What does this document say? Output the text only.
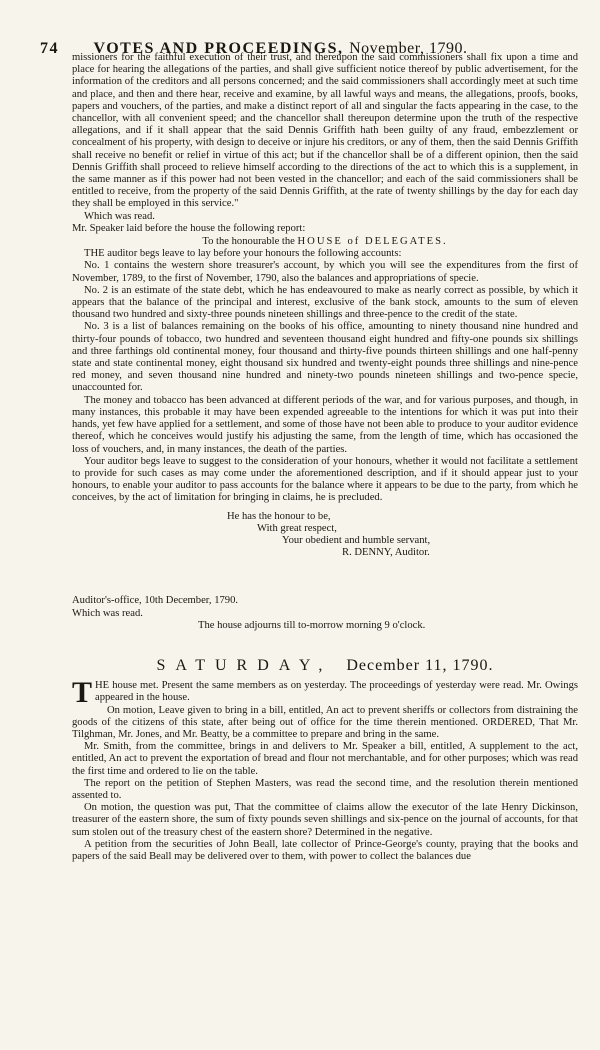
74 VOTES AND PROCEEDINGS, November, 1790.

missioners for the faithful execution of their trust, and thereupon the said commissioners shall fix upon a time and place for hearing the allegations of the parties, and shall give sufficient notice thereof by public advertisement, for the information of the creditors and all persons concerned; and the said commissioners shall accordingly meet at such time and place, and then and there hear, receive and examine, by all lawful ways and means, the allegations, proofs, books, papers and vouchers, of the parties, and make a distinct report of all and singular the facts appearing in the case, to the chancellor, with all convenient speed; and the chancellor shall thereupon determine upon the truth of the respective allegations, and if it shall appear that the said Dennis Griffith hath been guilty of any fraud, embezzlement or concealment of his property, with design to deceive or injure his creditors, or any of them, then the said Dennis Griffith shall receive no benefit or relief in virtue of this act; but if the chancellor shall be of a different opinion, then the said Dennis Griffith shall proceed to relieve himself according to the directions of the act to which this is a supplement, in the same manner as if this power had not been vested in the chancellor; and each of the said commissioners shall be entitled to receive, from the property of the said Dennis Griffith, at the rate of twenty shillings by the day for each day they shall be employed in this service."

Which was read.

Mr. Speaker laid before the house the following report:

To the honourable the HOUSE of DELEGATES.

THE auditor begs leave to lay before your honours the following accounts:

No. 1 contains the western shore treasurer's account, by which you will see the expenditures from the first of November, 1789, to the first of November, 1790, also the balances and appropriations of specie.

No. 2 is an estimate of the state debt, which he has endeavoured to make as nearly correct as possible, by which it appears that the balance of the principal and interest, exclusive of the bank stock, amounts to the sum of eleven thousand two hundred and sixty-three pounds nineteen shillings and three-pence to the credit of the state.

No. 3 is a list of balances remaining on the books of his office, amounting to ninety thousand nine hundred and thirty-four pounds of tobacco, two hundred and seventeen thousand eight hundred and fifty-one pounds six shillings and three farthings old continental money, four thousand and thirty-five pounds thirteen shillings and one half-penny state and state continental money, eight thousand six hundred and twenty-eight pounds three shillings and nine-pence red money, and seven thousand nine hundred and ninety-two pounds nineteen shillings and two-pence specie, unaccounted for.

The money and tobacco has been advanced at different periods of the war, and for various purposes, and though, in many instances, this probable it may have been expended agreeable to the intentions for which it was put into their hands, yet few have applied for a settlement, and some of those have not been able to produce to your auditor evidence thereof, which he conceives would justify his adjusting the same, from the length of time, which has occasioned the loss of vouchers, and, in many instances, the death of the parties.

Your auditor begs leave to suggest to the consideration of your honours, whether it would not facilitate a settlement to provide for such cases as may come under the aforementioned description, and if it should appear just to your honours, to enable your auditor to pass accounts for the balance where it appears to be due to the party, from which he conceives, by the act of limitation for bringing in claims, he is precluded.

He has the honour to be,

With great respect,

Your obedient and humble servant,

R. DENNY, Auditor.

Auditor's-office, 10th December, 1790.

Which was read.

The house adjourns till to-morrow morning 9 o'clock.

SATURDAY, December 11, 1790.

THE house met. Present the same members as on yesterday. The proceedings of yesterday were read. Mr. Owings appeared in the house.

On motion, Leave given to bring in a bill, entitled, An act to prevent sheriffs or collectors from distraining the goods of the citizens of this state, after being out of office for the time therein mentioned. ORDERED, That Mr. Tilghman, Mr. Jones, and Mr. Beatty, be a committee to prepare and bring in the same.

Mr. Smith, from the committee, brings in and delivers to Mr. Speaker a bill, entitled, A supplement to the act, entitled, An act to prevent the exportation of bread and flour not merchantable, and for other purposes; which was read the first time and ordered to lie on the table.

The report on the petition of Stephen Masters, was read the second time, and the resolution therein mentioned assented to.

On motion, the question was put, That the committee of claims allow the executor of the late Henry Dickinson, treasurer of the eastern shore, the sum of fixty pounds seven shillings and six-pence on the journal of accounts, for that sum stolen out of the treasury chest of the eastern shore? Determined in the negative.

A petition from the securities of John Beall, late collector of Prince-George's county, praying that the books and papers of the said Beall may be delivered over to them, with power to collect the balances due
